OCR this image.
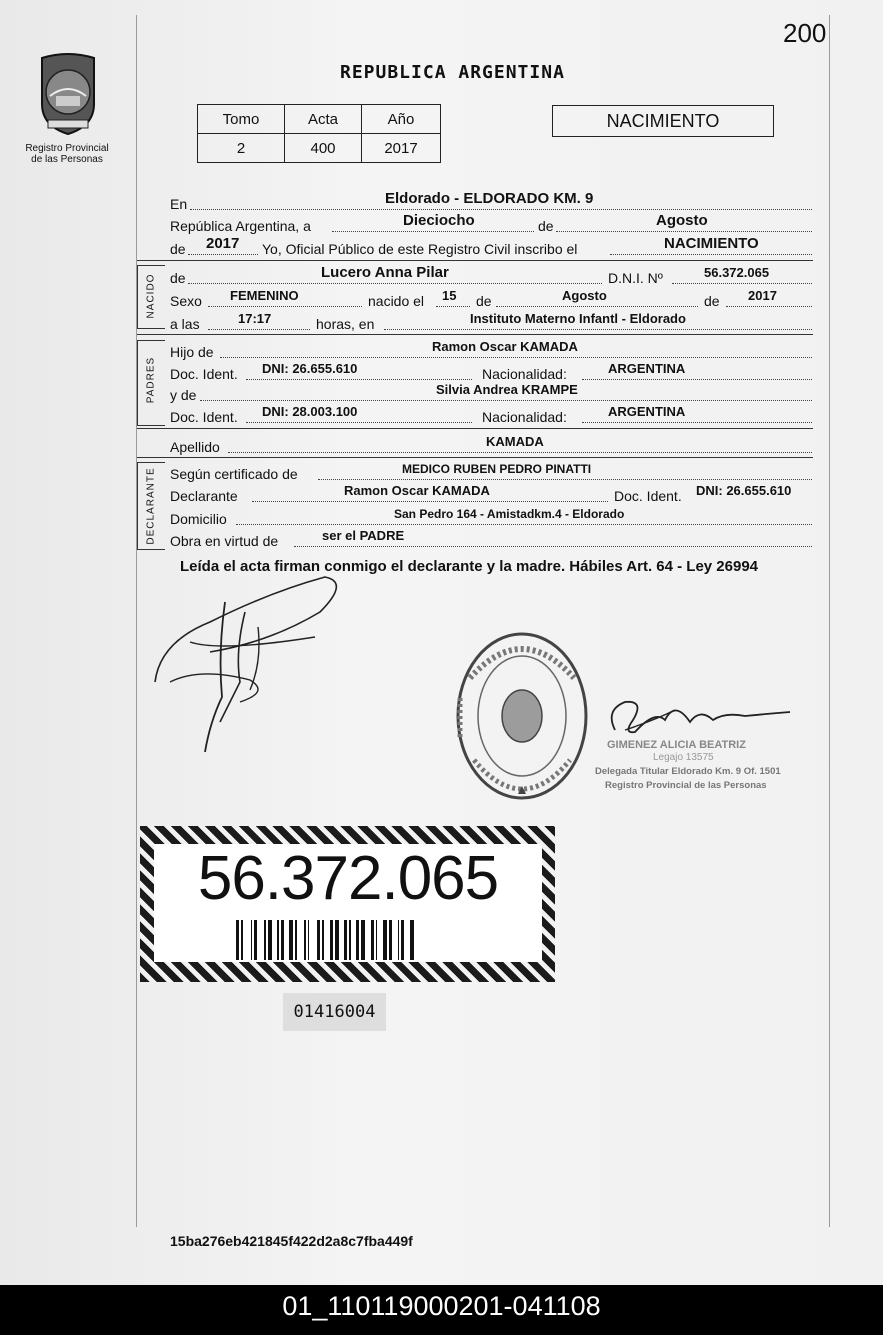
200
Registro Provincial
de las Personas
REPUBLICA ARGENTINA
Tomo	Acta	Año
2	400	2017
NACIMIENTO
En	Eldorado - ELDORADO KM. 9
República Argentina, a	Dieciocho	de	Agosto
de 2017 Yo, Oficial Público de este Registro Civil inscribo el	NACIMIENTO
NACIDO de	Lucero Anna Pilar	D.N.I. Nº	56.372.065
Sexo FEMENINO	nacido el 15 de	Agosto	de 2017
a las	17:17	horas, en	Instituto Materno Infantl - Eldorado
PADRES
Hijo de	Ramon Oscar KAMADA
Doc. Ident. DNI: 26.655.610	Nacionalidad:	ARGENTINA
y de	Silvia Andrea KRAMPE
Doc. Ident. DNI: 28.003.100	Nacionalidad:	ARGENTINA
Apellido	KAMADA
DECLARANTE Según certificado de	MEDICO RUBEN PEDRO PINATTI
Declarante	Ramon Oscar KAMADA	Doc. Ident. DNI: 26.655.610
Domicilio	San Pedro 164 - Amistadkm.4 - Eldorado
Obra en virtud de	ser el PADRE
Leída el acta firman conmigo el declarante y la madre. Hábiles Art. 64 - Ley 26994
GIMENEZ ALICIA BEATRIZ
Legajo 13575
Delegada Titular Eldorado Km. 9 Of. 1501
Registro Provincial de las Personas
56.372.065
01416004
15ba276eb421845f422d2a8c7fba449f
01_110119000201-041108
